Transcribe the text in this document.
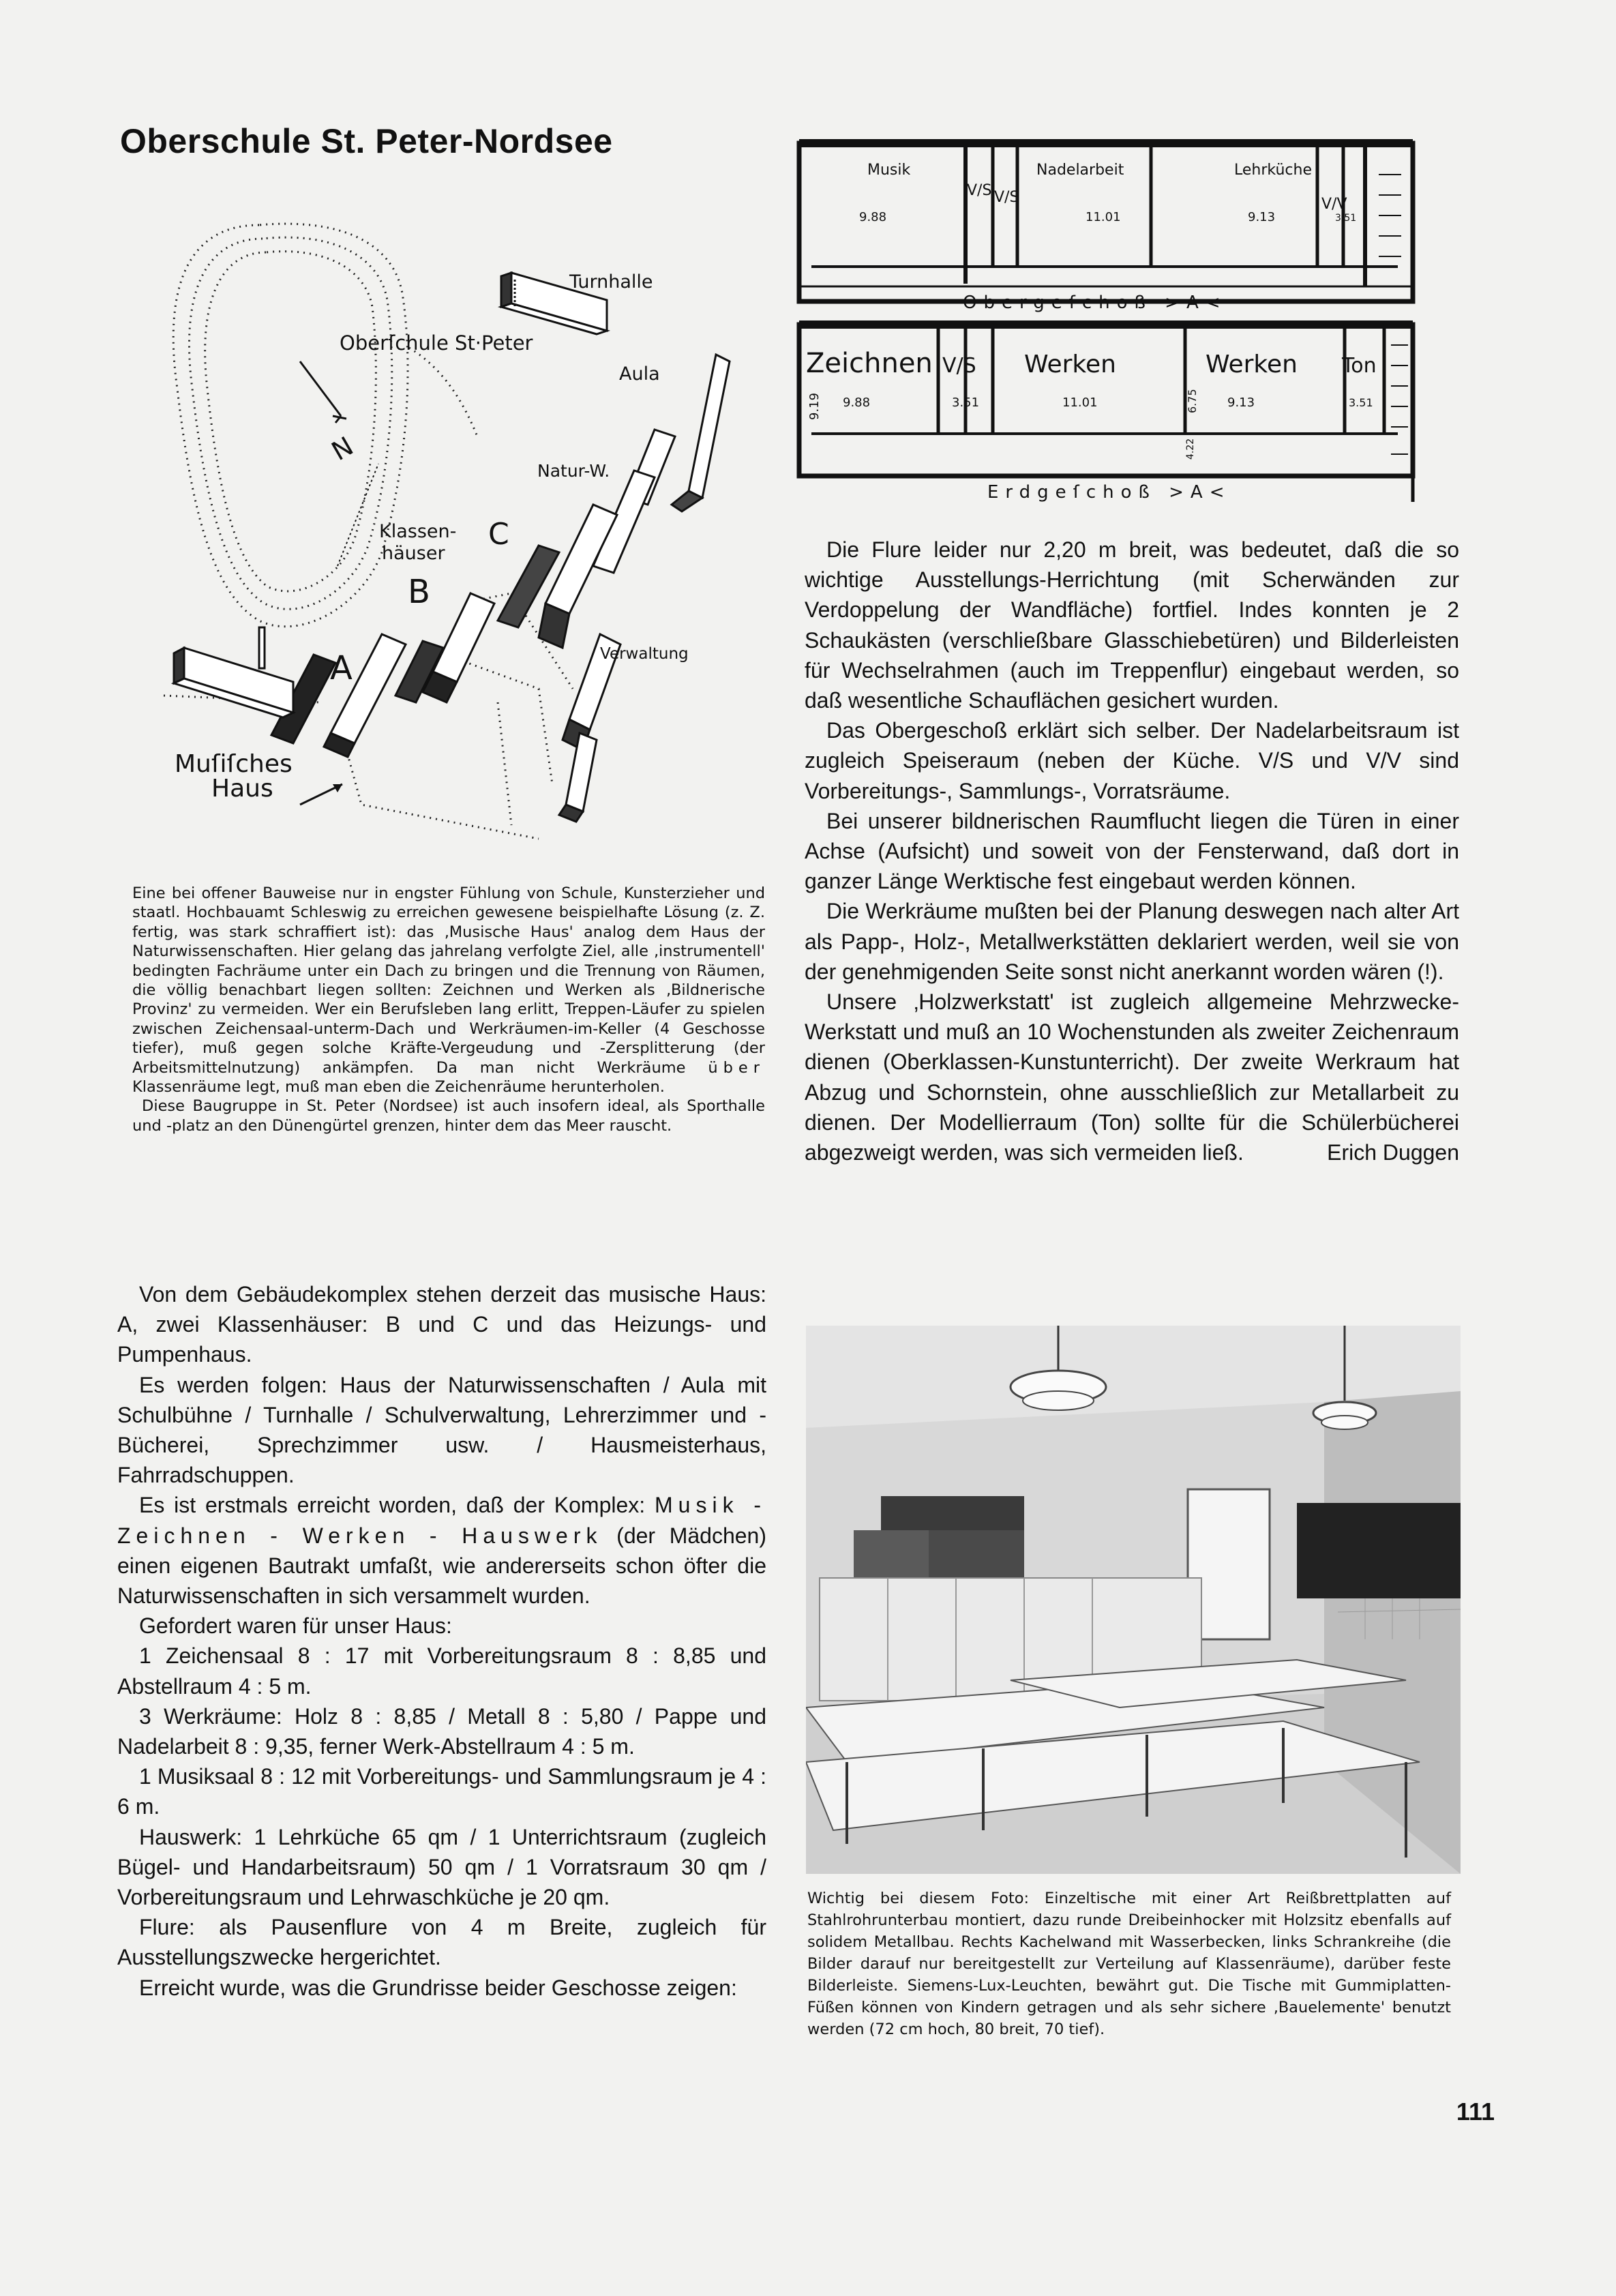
Oberschule St. Peter-Nordsee
Turnhalle
Oberſchule St·Peter
Aula
N
Natur-W.
Klassen-
häuser
C
B
A	Verwaltung
Muſiſches
Haus

Eine bei offener Bauweise nur in engster Fühlung von Schule, Kunsterzieher und staatl. Hochbauamt Schleswig zu erreichen gewesene beispielhafte Lösung (z. Z. fertig, was stark schraffiert ist): das ‚Musische Haus' analog dem Haus der Naturwissenschaften. Hier gelang das jahrelang verfolgte Ziel, alle ‚instrumentell' bedingten Fachräume unter ein Dach zu bringen und die Trennung von Räumen, die völlig benachbart liegen sollten: Zeichnen und Werken als ‚Bildnerische Provinz' zu vermeiden. Wer ein Berufsleben lang erlitt, Treppen-Läufer zu spielen zwischen Zeichensaal-unterm-Dach und Werkräumen-im-Keller (4 Geschosse tiefer), muß gegen solche Kräfte-Vergeudung und -Zersplitterung (der Arbeitsmittelnutzung) ankämpfen. Da man nicht Werkräume über Klassenräume legt, muß man eben die Zeichenräume herunterholen.

Diese Baugruppe in St. Peter (Nordsee) ist auch insofern ideal, als Sporthalle und -platz an den Dünengürtel grenzen, hinter dem das Meer rauscht.

Von dem Gebäudekomplex stehen derzeit das musische Haus: A, zwei Klassenhäuser: B und C und das Heizungs- und Pumpenhaus.

Es werden folgen: Haus der Naturwissenschaften / Aula mit Schulbühne / Turnhalle / Schulverwaltung, Lehrerzimmer und -Bücherei, Sprechzimmer usw. / Hausmeisterhaus, Fahrradschuppen.

Es ist erstmals erreicht worden, daß der Komplex: Musik - Zeichnen - Werken - Hauswerk (der Mädchen) einen eigenen Bautrakt umfaßt, wie andererseits schon öfter die Naturwissenschaften in sich versammelt wurden.

Gefordert waren für unser Haus:

1 Zeichensaal 8 : 17 mit Vorbereitungsraum 8 : 8,85 und Abstellraum 4 : 5 m.

3 Werkräume: Holz 8 : 8,85 / Metall 8 : 5,80 / Pappe und Nadelarbeit 8 : 9,35, ferner Werk-Abstellraum 4 : 5 m.

1 Musiksaal 8 : 12 mit Vorbereitungs- und Sammlungsraum je 4 : 6 m.

Hauswerk: 1 Lehrküche 65 qm / 1 Unterrichtsraum (zugleich Bügel- und Handarbeitsraum) 50 qm / 1 Vorratsraum 30 qm / Vorbereitungsraum und Lehrwaschküche je 20 qm.

Flure: als Pausenflure von 4 m Breite, zugleich für Ausstellungszwecke hergerichtet.

Erreicht wurde, was die Grundrisse beider Geschosse zeigen:

Musik
V/S V/S
Nadelarbeit	Lehrküche
V/V
9.88	11.01	9.13	3.51
Obergeſchoß >A<
Zeichnen V/S Werken	Werken Ton
9.19 9.88	3.51	11.01	6.75 9.13	3.51
4.22
Erdgeſchoß >A<

Die Flure leider nur 2,20 m breit, was bedeutet, daß die so wichtige Ausstellungs-Herrichtung (mit Scherwänden zur Verdoppelung der Wandfläche) fortfiel. Indes konnten je 2 Schaukästen (verschließbare Glasschiebetüren) und Bilderleisten für Wechselrahmen (auch im Treppenflur) eingebaut werden, so daß wesentliche Schauflächen gesichert wurden.

Das Obergeschoß erklärt sich selber. Der Nadelarbeitsraum ist zugleich Speiseraum (neben der Küche. V/S und V/V sind Vorbereitungs-, Sammlungs-, Vorratsräume.

Bei unserer bildnerischen Raumflucht liegen die Türen in einer Achse (Aufsicht) und soweit von der Fensterwand, daß dort in ganzer Länge Werktische fest eingebaut werden können.

Die Werkräume mußten bei der Planung deswegen nach alter Art als Papp-, Holz-, Metallwerkstätten deklariert werden, weil sie von der genehmigenden Seite sonst nicht anerkannt worden wären (!).

Unsere ‚Holzwerkstatt' ist zugleich allgemeine Mehrzwecke-Werkstatt und muß an 10 Wochenstunden als zweiter Zeichenraum dienen (Oberklassen-Kunstunterricht). Der zweite Werkraum hat Abzug und Schornstein, ohne ausschließlich zur Metallarbeit zu dienen. Der Modellierraum (Ton) sollte für die Schülerbücherei abgezweigt werden, was sich vermeiden ließ.	Erich Duggen

Wichtig bei diesem Foto: Einzeltische mit einer Art Reißbrettplatten auf Stahlrohrunterbau montiert, dazu runde Dreibeinhocker mit Holzsitz ebenfalls auf solidem Metallbau. Rechts Kachelwand mit Wasserbecken, links Schrankreihe (die Bilder darauf nur bereitgestellt zur Verteilung auf Klassenräume), darüber feste Bilderleiste. Siemens-Lux-Leuchten, bewährt gut. Die Tische mit Gummiplatten-Füßen können von Kindern getragen und als sehr sichere ‚Bauelemente' benutzt werden (72 cm hoch, 80 breit, 70 tief).

111
